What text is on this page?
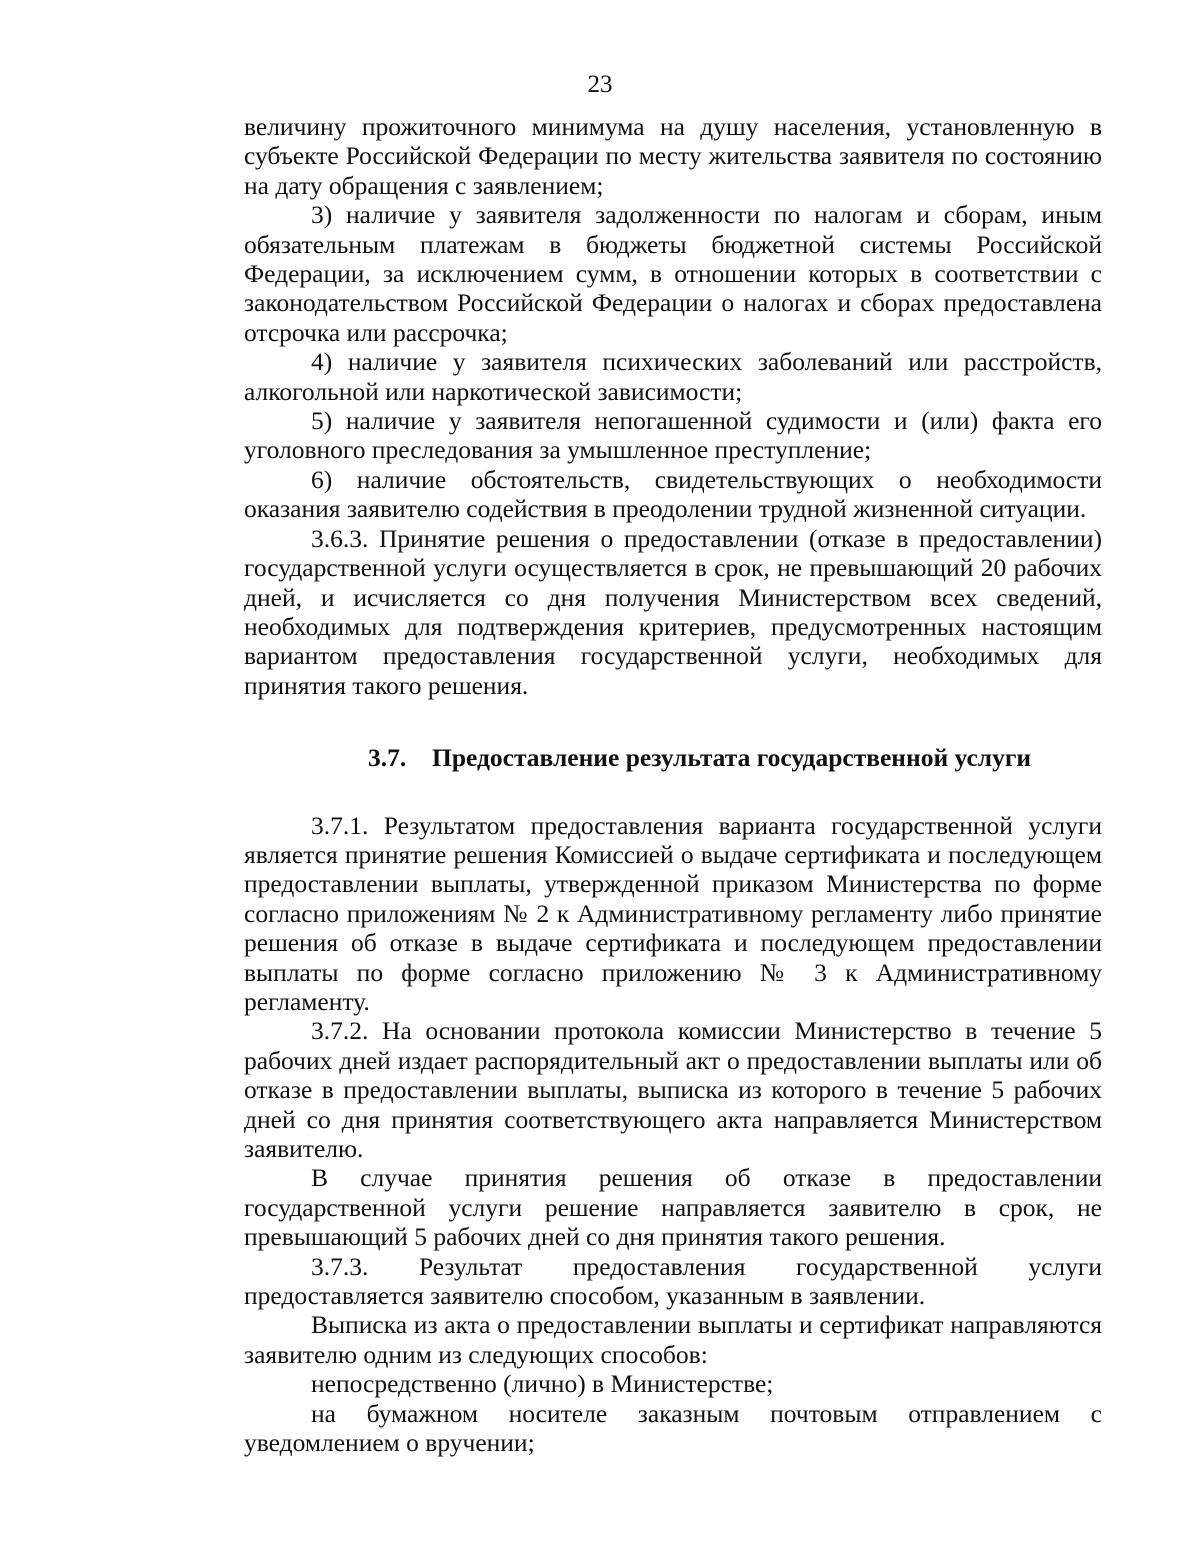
23

величину прожиточного минимума на душу населения, установленную в субъекте Российской Федерации по месту жительства заявителя по состоянию на дату обращения с заявлением;

3) наличие у заявителя задолженности по налогам и сборам, иным обязательным платежам в бюджеты бюджетной системы Российской Федерации, за исключением сумм, в отношении которых в соответствии с законодательством Российской Федерации о налогах и сборах предоставлена отсрочка или рассрочка;

4) наличие у заявителя психических заболеваний или расстройств, алкогольной или наркотической зависимости;

5) наличие у заявителя непогашенной судимости и (или) факта его уголовного преследования за умышленное преступление;

6) наличие обстоятельств, свидетельствующих о необходимости оказания заявителю содействия в преодолении трудной жизненной ситуации.

3.6.3. Принятие решения о предоставлении (отказе в предоставлении) государственной услуги осуществляется в срок, не превышающий 20 рабочих дней, и исчисляется со дня получения Министерством всех сведений, необходимых для подтверждения критериев, предусмотренных настоящим вариантом предоставления государственной услуги, необходимых для принятия такого решения.

3.7. Предоставление результата государственной услуги

3.7.1. Результатом предоставления варианта государственной услуги является принятие решения Комиссией о выдаче сертификата и последующем предоставлении выплаты, утвержденной приказом Министерства по форме согласно приложениям № 2 к Административному регламенту либо принятие решения об отказе в выдаче сертификата и последующем предоставлении выплаты по форме согласно приложению № 3 к Административному регламенту.

3.7.2. На основании протокола комиссии Министерство в течение 5 рабочих дней издает распорядительный акт о предоставлении выплаты или об отказе в предоставлении выплаты, выписка из которого в течение 5 рабочих дней со дня принятия соответствующего акта направляется Министерством заявителю.

В случае принятия решения об отказе в предоставлении государственной услуги решение направляется заявителю в срок, не превышающий 5 рабочих дней со дня принятия такого решения.

3.7.3. Результат предоставления государственной услуги предоставляется заявителю способом, указанным в заявлении.

Выписка из акта о предоставлении выплаты и сертификат направляются заявителю одним из следующих способов:

непосредственно (лично) в Министерстве;

на бумажном носителе заказным почтовым отправлением с уведомлением о вручении;
